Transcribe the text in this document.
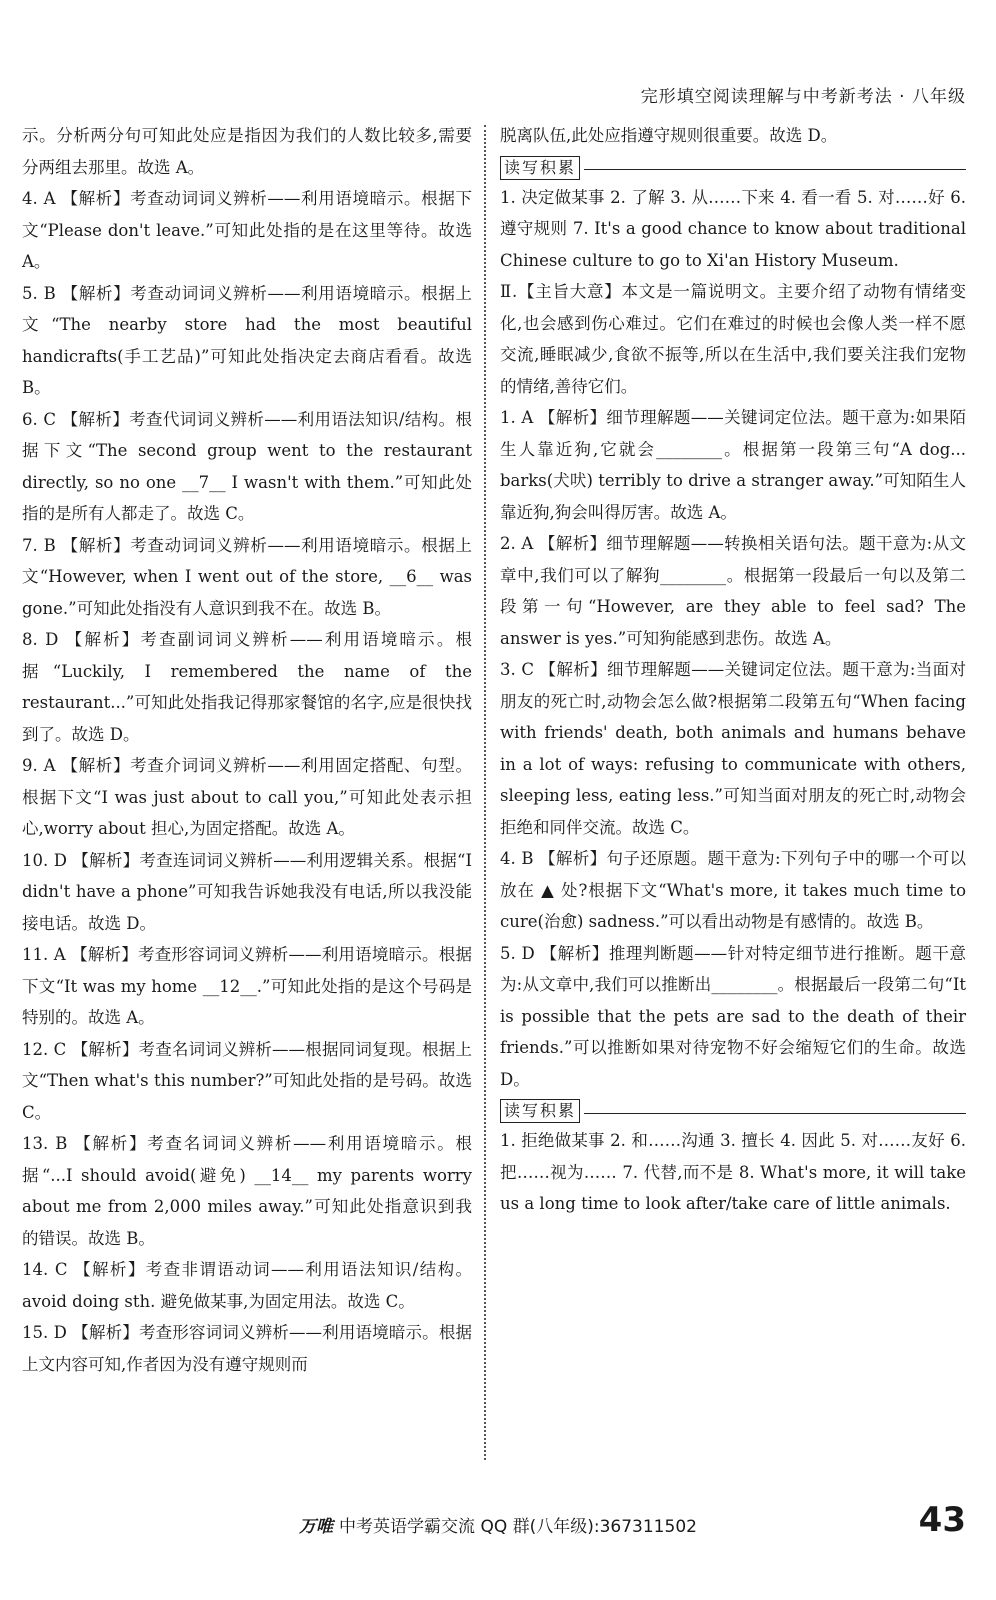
完形填空阅读理解与中考新考法 · 八年级

示。分析两分句可知此处应是指因为我们的人数比较多,需要分两组去那里。故选 A。

4. A 【解析】考查动词词义辨析——利用语境暗示。根据下文“Please don't leave.”可知此处指的是在这里等待。故选 A。

5. B 【解析】考查动词词义辨析——利用语境暗示。根据上文“The nearby store had the most beautiful handicrafts(手工艺品)”可知此处指决定去商店看看。故选 B。

6. C 【解析】考查代词词义辨析——利用语法知识/结构。根据下文“The second group went to the restaurant directly, so no one __7__ I wasn't with them.”可知此处指的是所有人都走了。故选 C。

7. B 【解析】考查动词词义辨析——利用语境暗示。根据上文“However, when I went out of the store, __6__ was gone.”可知此处指没有人意识到我不在。故选 B。

8. D 【解析】考查副词词义辨析——利用语境暗示。根据“Luckily, I remembered the name of the restaurant...”可知此处指我记得那家餐馆的名字,应是很快找到了。故选 D。

9. A 【解析】考查介词词义辨析——利用固定搭配、句型。根据下文“I was just about to call you,”可知此处表示担心,worry about 担心,为固定搭配。故选 A。

10. D 【解析】考查连词词义辨析——利用逻辑关系。根据“I didn't have a phone”可知我告诉她我没有电话,所以我没能接电话。故选 D。

11. A 【解析】考查形容词词义辨析——利用语境暗示。根据下文“It was my home __12__.”可知此处指的是这个号码是特别的。故选 A。

12. C 【解析】考查名词词义辨析——根据同词复现。根据上文“Then what's this number?”可知此处指的是号码。故选 C。

13. B 【解析】考查名词词义辨析——利用语境暗示。根据“...I should avoid(避免) __14__ my parents worry about me from 2,000 miles away.”可知此处指意识到我的错误。故选 B。

14. C 【解析】考查非谓语动词——利用语法知识/结构。avoid doing sth. 避免做某事,为固定用法。故选 C。

15. D 【解析】考查形容词词义辨析——利用语境暗示。根据上文内容可知,作者因为没有遵守规则而

脱离队伍,此处应指遵守规则很重要。故选 D。

读写积累

1. 决定做某事 2. 了解 3. 从……下来 4. 看一看 5. 对……好 6. 遵守规则 7. It's a good chance to know about traditional Chinese culture to go to Xi'an History Museum.

Ⅱ.【主旨大意】本文是一篇说明文。主要介绍了动物有情绪变化,也会感到伤心难过。它们在难过的时候也会像人类一样不愿交流,睡眠减少,食欲不振等,所以在生活中,我们要关注我们宠物的情绪,善待它们。

1. A 【解析】细节理解题——关键词定位法。题干意为:如果陌生人靠近狗,它就会________。根据第一段第三句“A dog... barks(犬吠) terribly to drive a stranger away.”可知陌生人靠近狗,狗会叫得厉害。故选 A。

2. A 【解析】细节理解题——转换相关语句法。题干意为:从文章中,我们可以了解狗________。根据第一段最后一句以及第二段第一句“However, are they able to feel sad? The answer is yes.”可知狗能感到悲伤。故选 A。

3. C 【解析】细节理解题——关键词定位法。题干意为:当面对朋友的死亡时,动物会怎么做?根据第二段第五句“When facing with friends' death, both animals and humans behave in a lot of ways: refusing to communicate with others, sleeping less, eating less.”可知当面对朋友的死亡时,动物会拒绝和同伴交流。故选 C。

4. B 【解析】句子还原题。题干意为:下列句子中的哪一个可以放在 ▲ 处?根据下文“What's more, it takes much time to cure(治愈) sadness.”可以看出动物是有感情的。故选 B。

5. D 【解析】推理判断题——针对特定细节进行推断。题干意为:从文章中,我们可以推断出________。根据最后一段第二句“It is possible that the pets are sad to the death of their friends.”可以推断如果对待宠物不好会缩短它们的生命。故选 D。

读写积累

1. 拒绝做某事 2. 和……沟通 3. 擅长 4. 因此 5. 对……友好 6. 把……视为…… 7. 代替,而不是 8. What's more, it will take us a long time to look after/take care of little animals.

万唯 中考英语学霸交流 QQ 群(八年级):367311502	43
